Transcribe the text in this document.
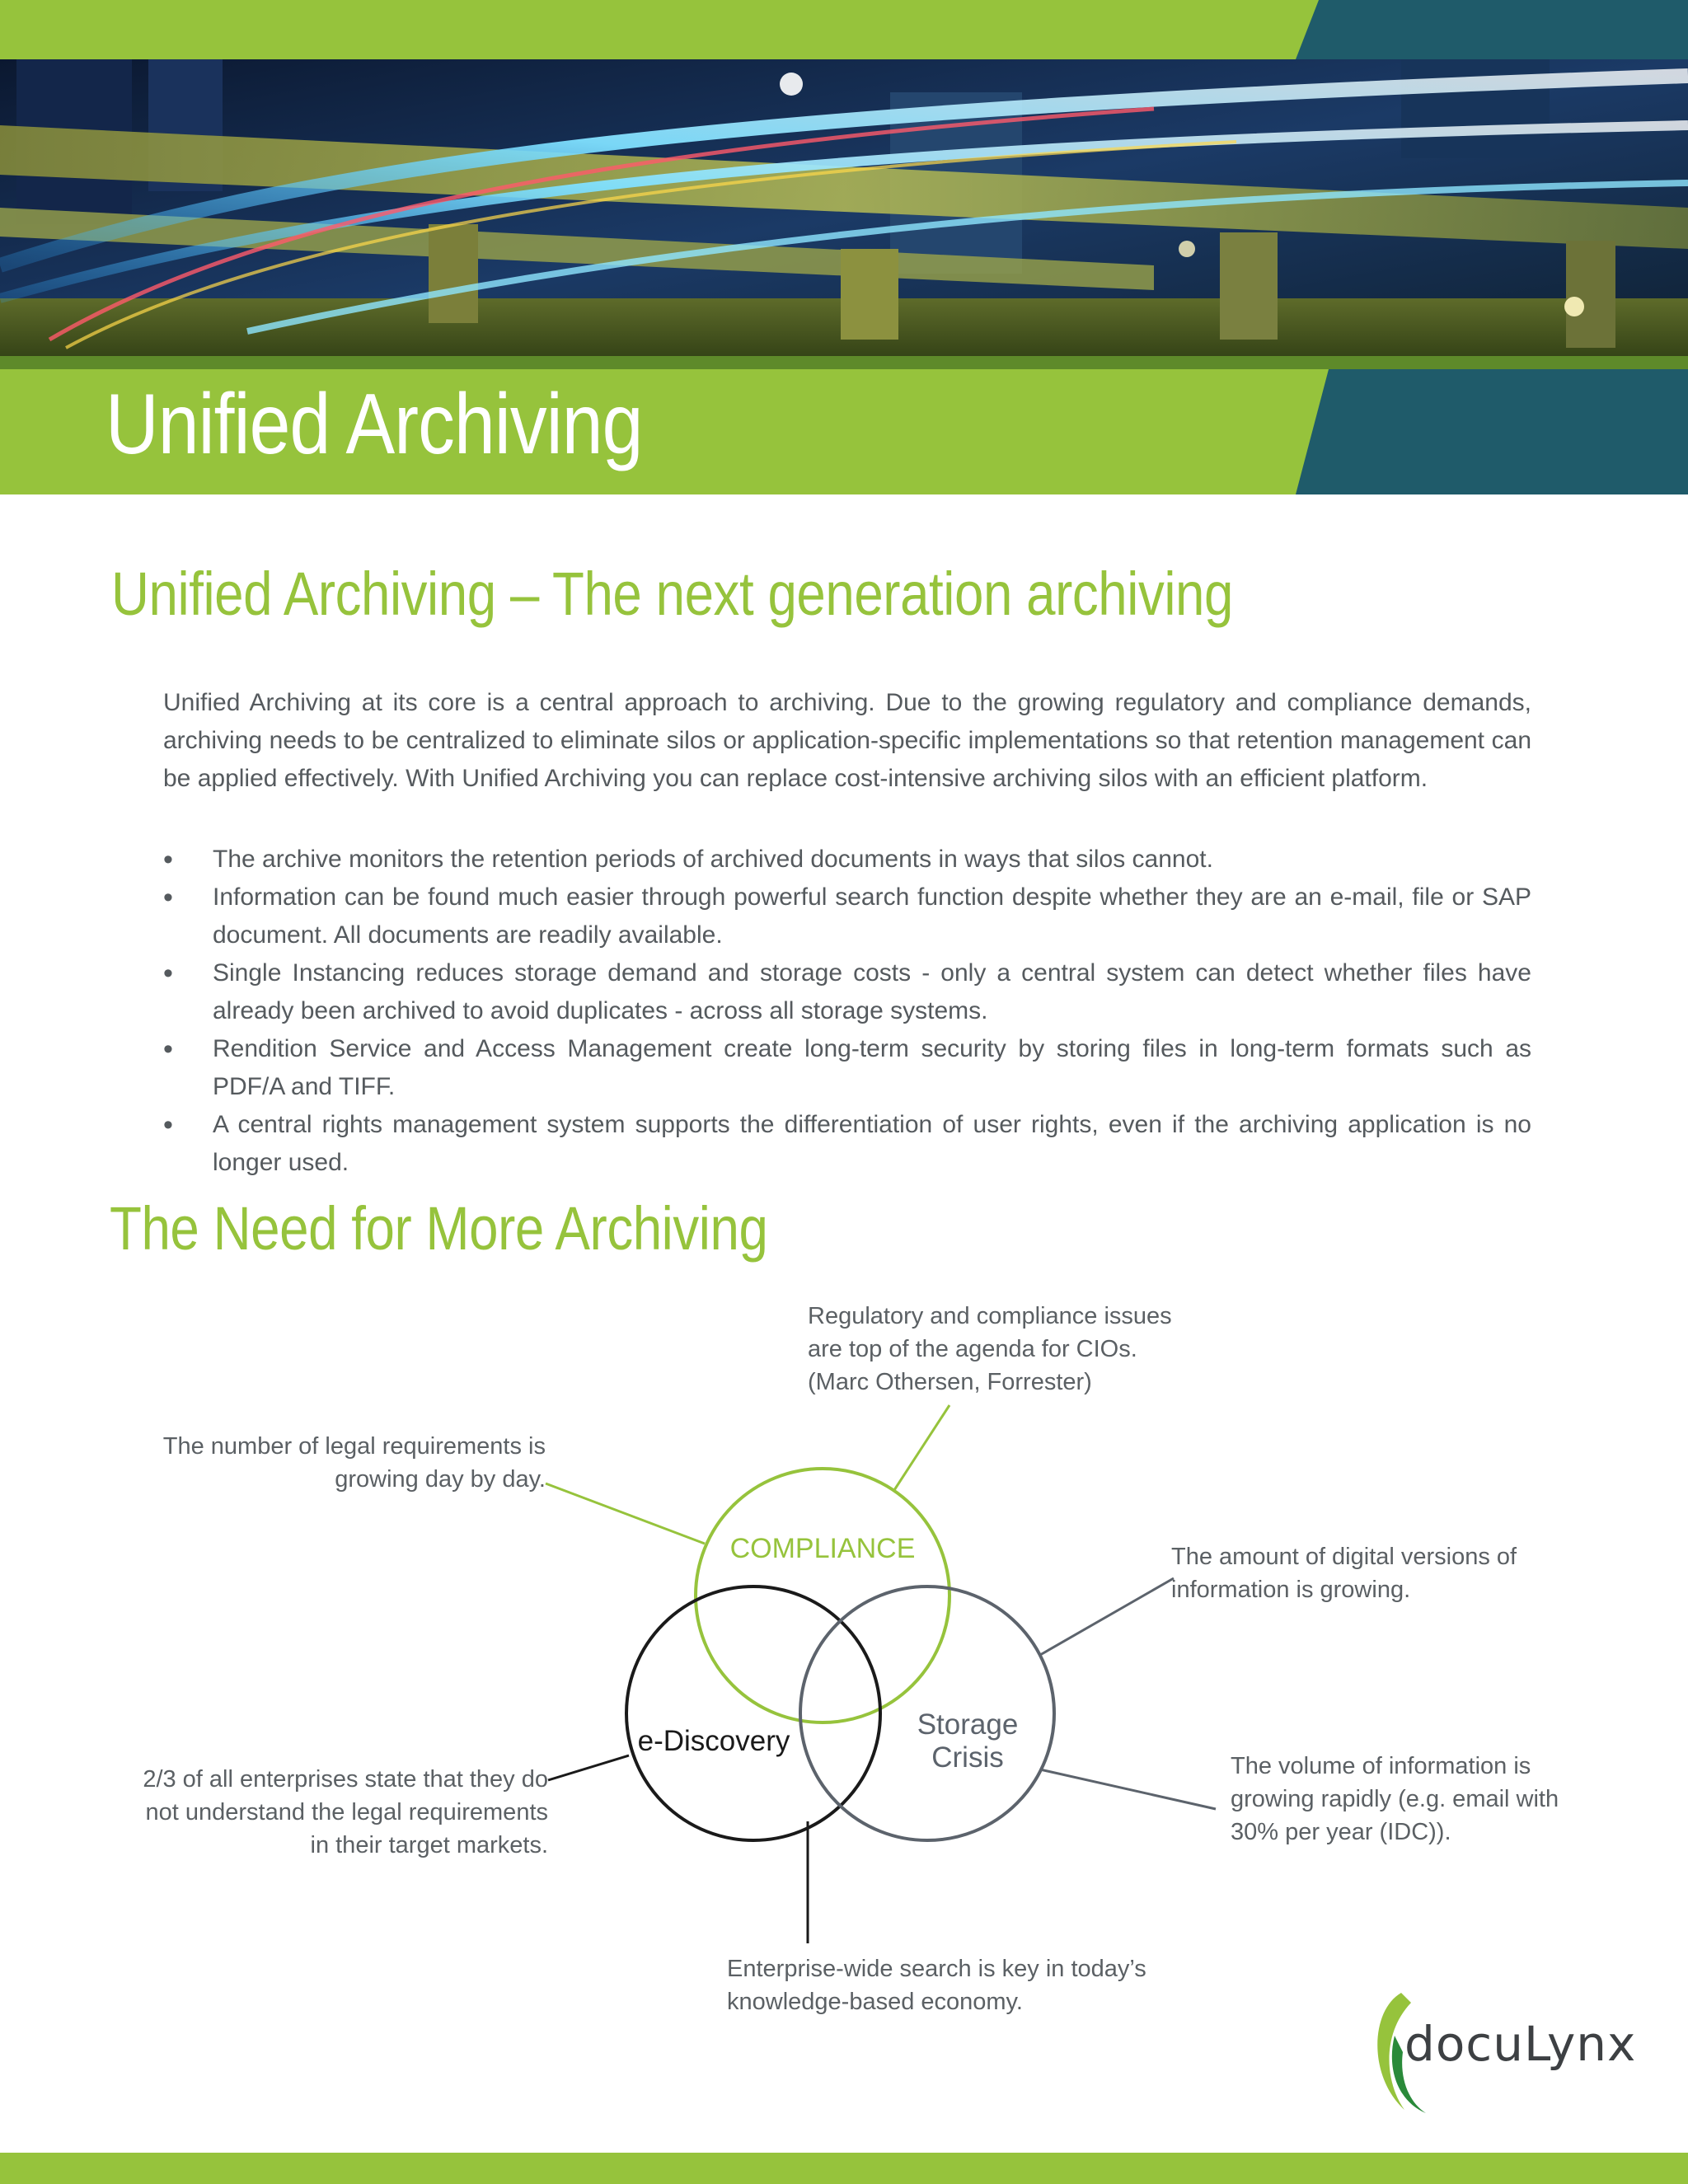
Unified Archiving
Unified Archiving – The next generation archiving
Unified Archiving at its core is a central approach to archiving. Due to the growing regulatory and compliance demands, archiving needs to be centralized to eliminate silos or application-specific implementations so that retention management can be applied effectively. With Unified Archiving you can replace cost-intensive archiving silos with an efficient platform.
• The archive monitors the retention periods of archived documents in ways that silos cannot.
• Information can be found much easier through powerful search function despite whether they are an e-mail, file or SAP document. All documents are readily available.
• Single Instancing reduces storage demand and storage costs - only a central system can detect whether files have already been archived to avoid duplicates - across all storage systems.
• Rendition Service and Access Management create long-term security by storing files in long-term formats such as PDF/A and TIFF.
• A central rights management system supports the differentiation of user rights, even if the archiving application is no longer used.
The Need for More Archiving
COMPLIANCE
e-Discovery
Storage
Crisis
Regulatory and compliance issues
are top of the agenda for CIOs.
(Marc Othersen, Forrester)
The number of legal requirements is
growing day by day.
The amount of digital versions of
information is growing.
2/3 of all enterprises state that they do
not understand the legal requirements
in their target markets.
The volume of information is
growing rapidly (e.g. email with
30% per year (IDC)).
Enterprise-wide search is key in today’s
knowledge-based economy.
docuLynx
